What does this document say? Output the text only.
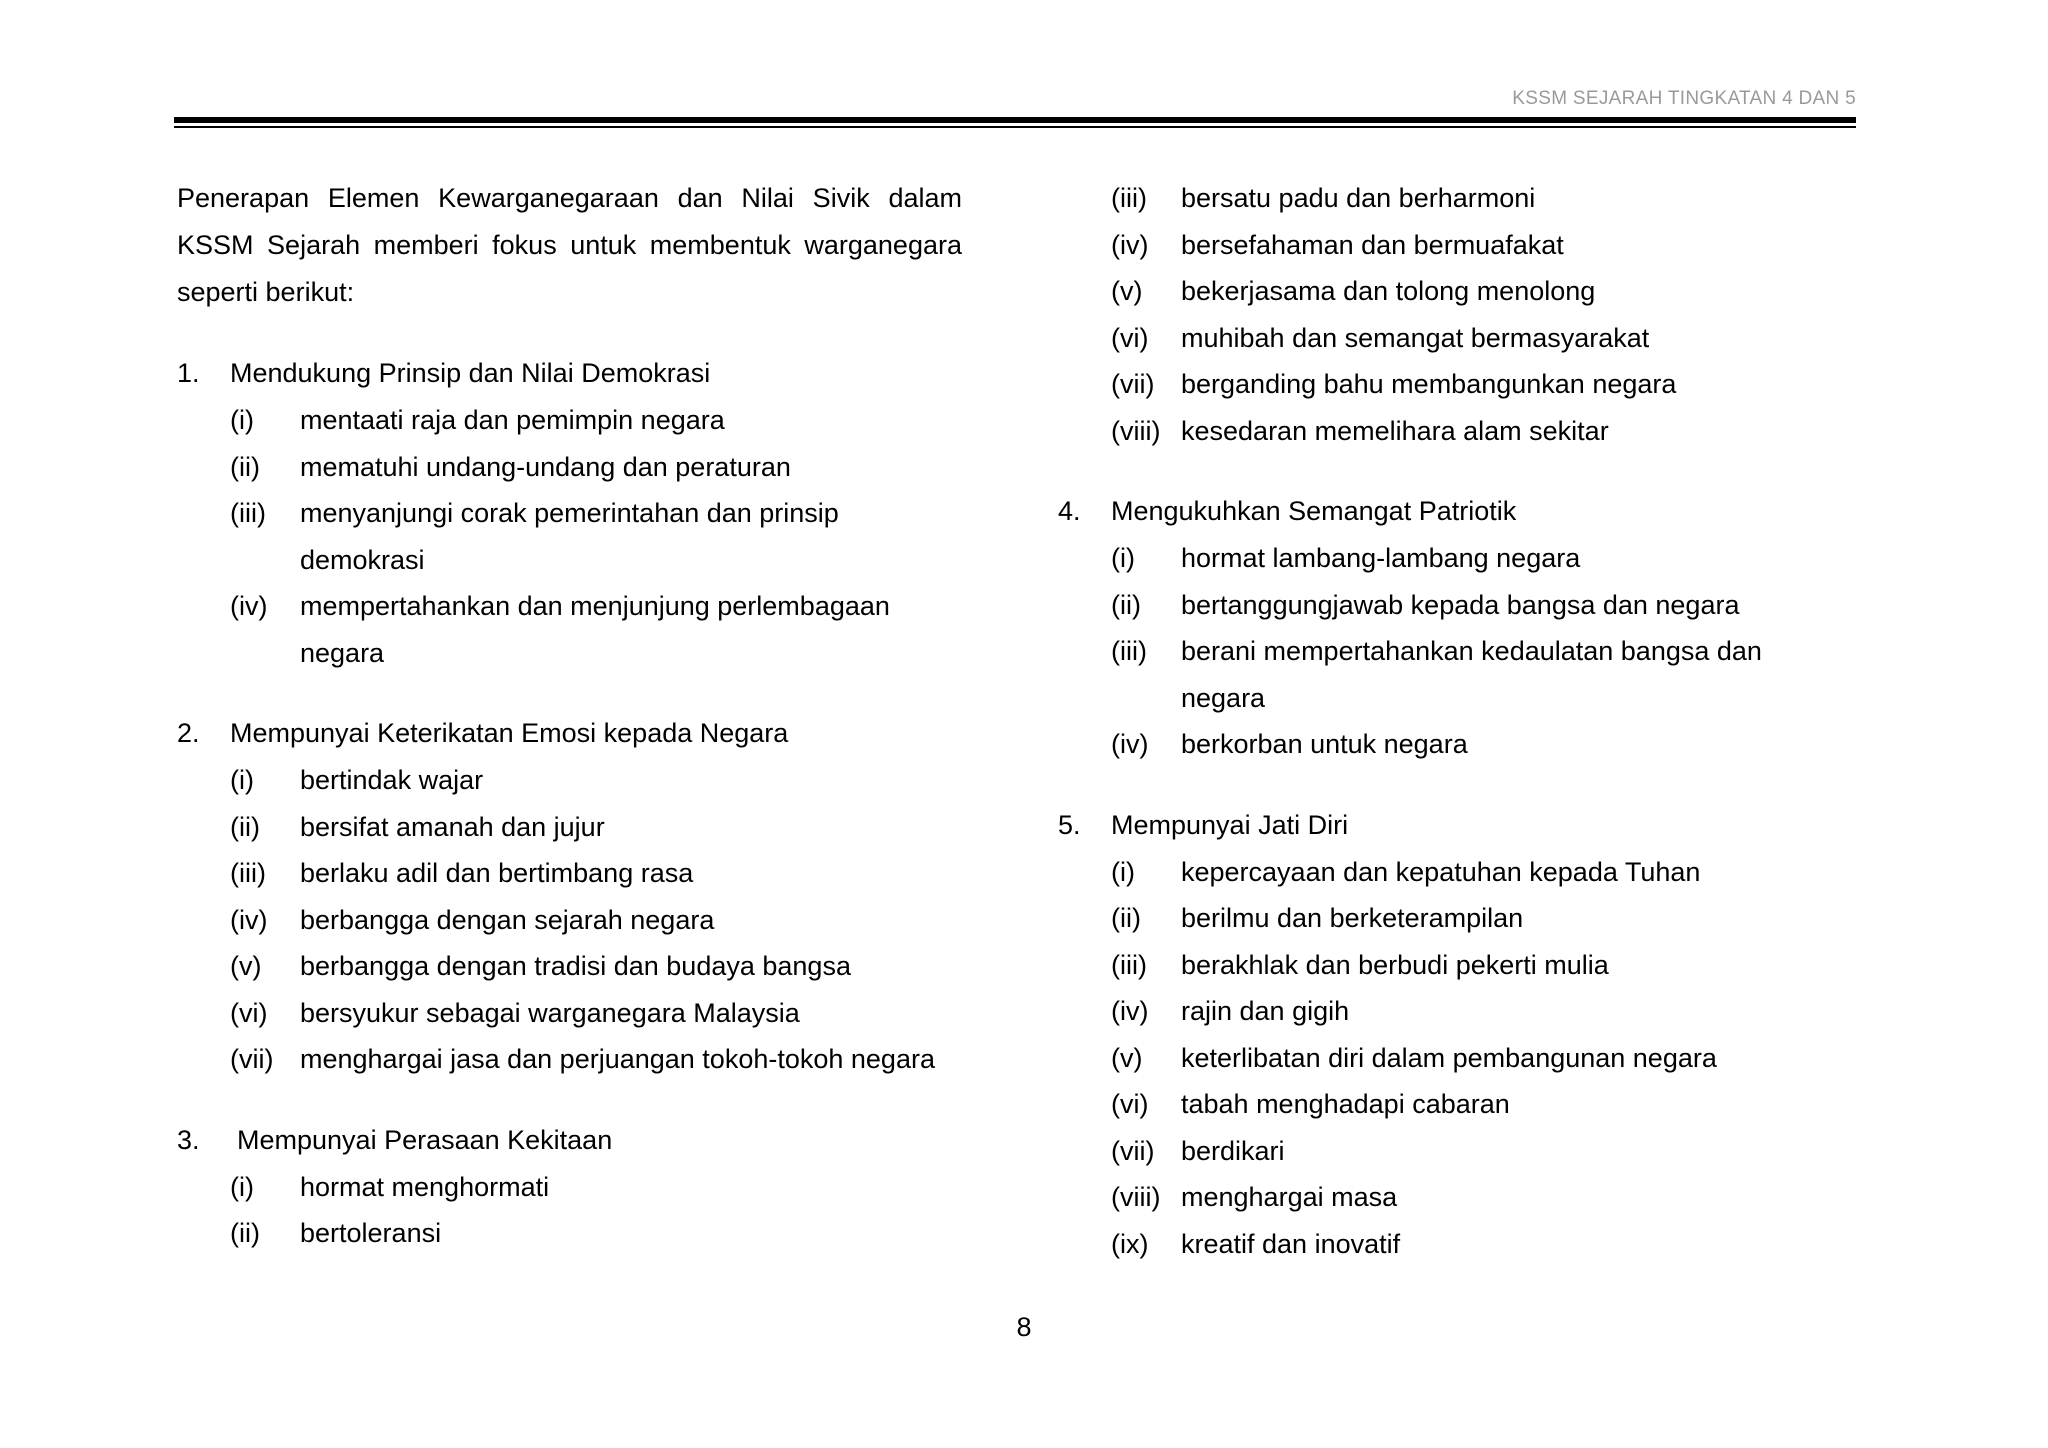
KSSM SEJARAH TINGKATAN 4 DAN 5

Penerapan Elemen Kewarganegaraan dan Nilai Sivik dalam KSSM Sejarah memberi fokus untuk membentuk warganegara seperti berikut:

1.	Mendukung Prinsip dan Nilai Demokrasi
(i)	mentaati raja dan pemimpin negara
(ii)	mematuhi undang-undang dan peraturan
(iii)	menyanjungi corak pemerintahan dan prinsip demokrasi
(iv)	mempertahankan dan menjunjung perlembagaan negara
2.	Mempunyai Keterikatan Emosi kepada Negara
(i)	bertindak wajar
(ii)	bersifat amanah dan jujur
(iii)	berlaku adil dan bertimbang rasa
(iv)	berbangga dengan sejarah negara
(v)	berbangga dengan tradisi dan budaya bangsa
(vi)	bersyukur sebagai warganegara Malaysia
(vii) menghargai jasa dan perjuangan tokoh-tokoh negara
3.	Mempunyai Perasaan Kekitaan
(i)	hormat menghormati
(ii)	bertoleransi
(iii)	bersatu padu dan berharmoni
(iv)	bersefahaman dan bermuafakat
(v)	bekerjasama dan tolong menolong
(vi)	muhibah dan semangat bermasyarakat
(vii) berganding bahu membangunkan negara
(viii) kesedaran memelihara alam sekitar
4.	Mengukuhkan Semangat Patriotik
(i)	hormat lambang-lambang negara
(ii)	bertanggungjawab kepada bangsa dan negara
(iii)	berani mempertahankan kedaulatan bangsa dan negara
(iv)	berkorban untuk negara
5.	Mempunyai Jati Diri
(i)	kepercayaan dan kepatuhan kepada Tuhan
(ii)	berilmu dan berketerampilan
(iii)	berakhlak dan berbudi pekerti mulia
(iv)	rajin dan gigih
(v)	keterlibatan diri dalam pembangunan negara
(vi)	tabah menghadapi cabaran
(vii) berdikari
(viii) menghargai masa
(ix)	kreatif dan inovatif
8
